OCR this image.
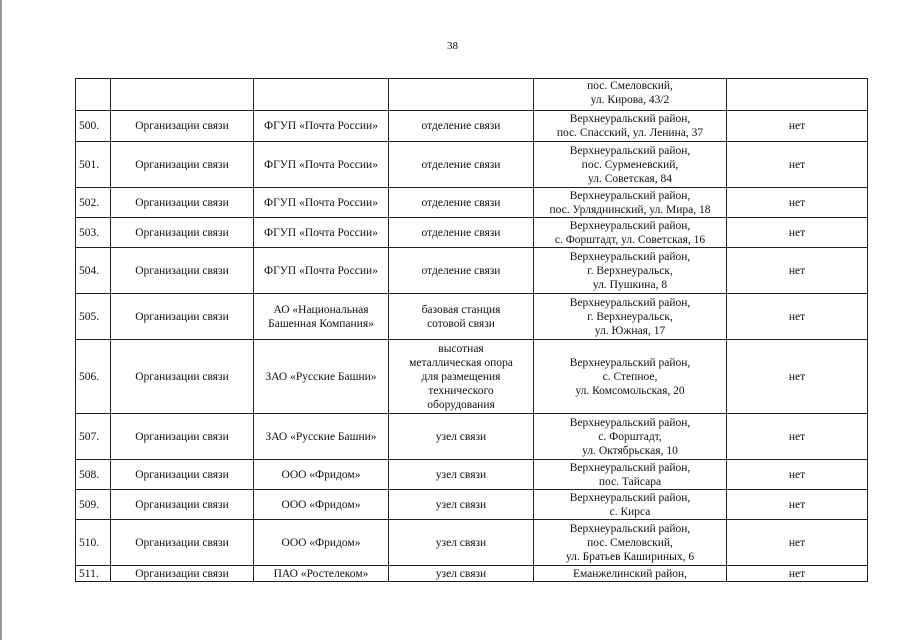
38

				пос. Смеловский,
ул. Кирова, 43/2	

500.	Организации связи	ФГУП «Почта России»	отделение связи	Верхнеуральский район,
пос. Спасский, ул. Ленина, 37	нет
501.	Организации связи	ФГУП «Почта России»	отделение связи	Верхнеуральский район,
пос. Сурменевский,
ул. Советская, 84	нет
502.	Организации связи	ФГУП «Почта России»	отделение связи	Верхнеуральский район,
пос. Урляднинский, ул. Мира, 18	нет
503.	Организации связи	ФГУП «Почта России»	отделение связи	Верхнеуральский район,
с. Форштадт, ул. Советская, 16	нет
504.	Организации связи	ФГУП «Почта России»	отделение связи	Верхнеуральский район,
г. Верхнеуральск,
ул. Пушкина, 8	нет
505.	Организации связи	АО «Национальная
Башенная Компания»	базовая станция
сотовой связи	Верхнеуральский район,
г. Верхнеуральск,
ул. Южная, 17	нет
506.	Организации связи	ЗАО «Русские Башни»	высотная
металлическая опора
для размещения
технического
оборудования	Верхнеуральский район,
с. Степное,
ул. Комсомольская, 20	нет
507.	Организации связи	ЗАО «Русские Башни»	узел связи	Верхнеуральский район,
с. Форштадт,
ул. Октябрьская, 10	нет
508.	Организации связи	ООО «Фридом»	узел связи	Верхнеуральский район,
пос. Тайсара	нет
509.	Организации связи	ООО «Фридом»	узел связи	Верхнеуральский район,
с. Кирса	нет
510.	Организации связи	ООО «Фридом»	узел связи	Верхнеуральский район,
пос. Смеловский,
ул. Братьев Кашириных, 6	нет
511.	Организации связи	ПАО «Ростелеком»	узел связи	Еманжелинский район,	нет
